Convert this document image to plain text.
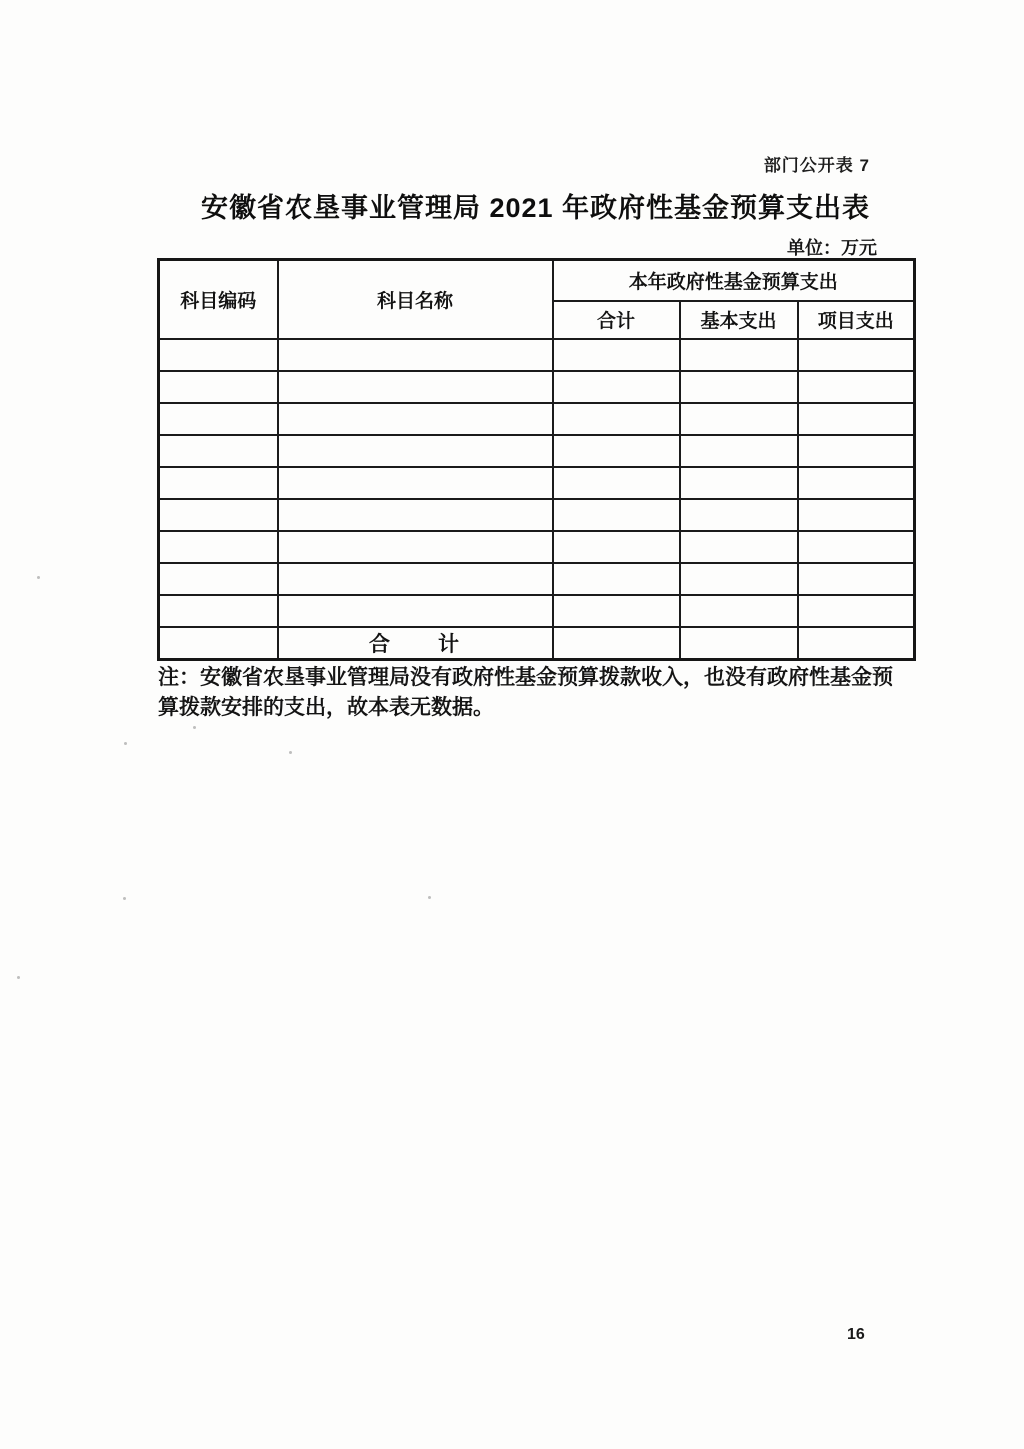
部门公开表 7
安徽省农垦事业管理局 2021 年政府性基金预算支出表
单位：万元
科目编码	科目名称	本年政府性基金预算支出		
		合计	基本支出	项目支出

	合　　计			
注：安徽省农垦事业管理局没有政府性基金预算拨款收入，也没有政府性基金预
算拨款安排的支出，故本表无数据。
16
